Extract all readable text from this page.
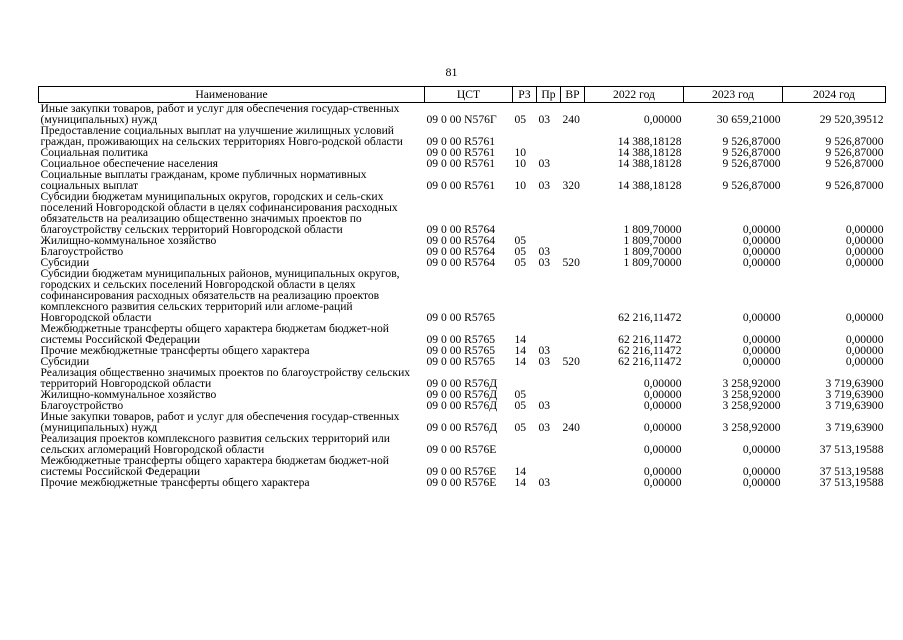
81
Наименование	ЦСТ	РЗ	Пр	ВР	2022 год	2023 год	2024 год
Иные закупки товаров, работ и услуг для обеспечения государ-ственных (муниципальных) нужд	09 0 00 N576Г	05	03	240	0,00000	30 659,21000	29 520,39512
Предоставление социальных выплат на улучшение жилищных условий граждан, проживающих на сельских территориях Новго-родской области	09 0 00 R5761				14 388,18128	9 526,87000	9 526,87000
Социальная политика	09 0 00 R5761	10			14 388,18128	9 526,87000	9 526,87000
Социальное обеспечение населения	09 0 00 R5761	10	03		14 388,18128	9 526,87000	9 526,87000
Социальные выплаты гражданам, кроме публичных нормативных социальных выплат	09 0 00 R5761	10	03	320	14 388,18128	9 526,87000	9 526,87000
Субсидии бюджетам муниципальных округов, городских и сель-ских поселений Новгородской области в целях софинансирования расходных обязательств на реализацию общественно значимых проектов по благоустройству сельских территорий Новгородской области	09 0 00 R5764				1 809,70000	0,00000	0,00000
Жилищно-коммунальное хозяйство	09 0 00 R5764	05			1 809,70000	0,00000	0,00000
Благоустройство	09 0 00 R5764	05	03		1 809,70000	0,00000	0,00000
Субсидии	09 0 00 R5764	05	03	520	1 809,70000	0,00000	0,00000
Субсидии бюджетам муниципальных районов, муниципальных округов, городских и сельских поселений Новгородской области в целях софинансирования расходных обязательств на реализацию проектов комплексного развития сельских территорий или агломе-раций Новгородской области	09 0 00 R5765				62 216,11472	0,00000	0,00000
Межбюджетные трансферты общего характера бюджетам бюджет-ной системы Российской Федерации	09 0 00 R5765	14			62 216,11472	0,00000	0,00000
Прочие межбюджетные трансферты общего характера	09 0 00 R5765	14	03		62 216,11472	0,00000	0,00000
Субсидии	09 0 00 R5765	14	03	520	62 216,11472	0,00000	0,00000
Реализация общественно значимых проектов по благоустройству сельских территорий Новгородской области	09 0 00 R576Д				0,00000	3 258,92000	3 719,63900
Жилищно-коммунальное хозяйство	09 0 00 R576Д	05			0,00000	3 258,92000	3 719,63900
Благоустройство	09 0 00 R576Д	05	03		0,00000	3 258,92000	3 719,63900
Иные закупки товаров, работ и услуг для обеспечения государ-ственных (муниципальных) нужд	09 0 00 R576Д	05	03	240	0,00000	3 258,92000	3 719,63900
Реализация проектов комплексного развития сельских территорий или сельских агломераций Новгородской области	09 0 00 R576E				0,00000	0,00000	37 513,19588
Межбюджетные трансферты общего характера бюджетам бюджет-ной системы Российской Федерации	09 0 00 R576E	14			0,00000	0,00000	37 513,19588
Прочие межбюджетные трансферты общего характера	09 0 00 R576E	14	03		0,00000	0,00000	37 513,19588
